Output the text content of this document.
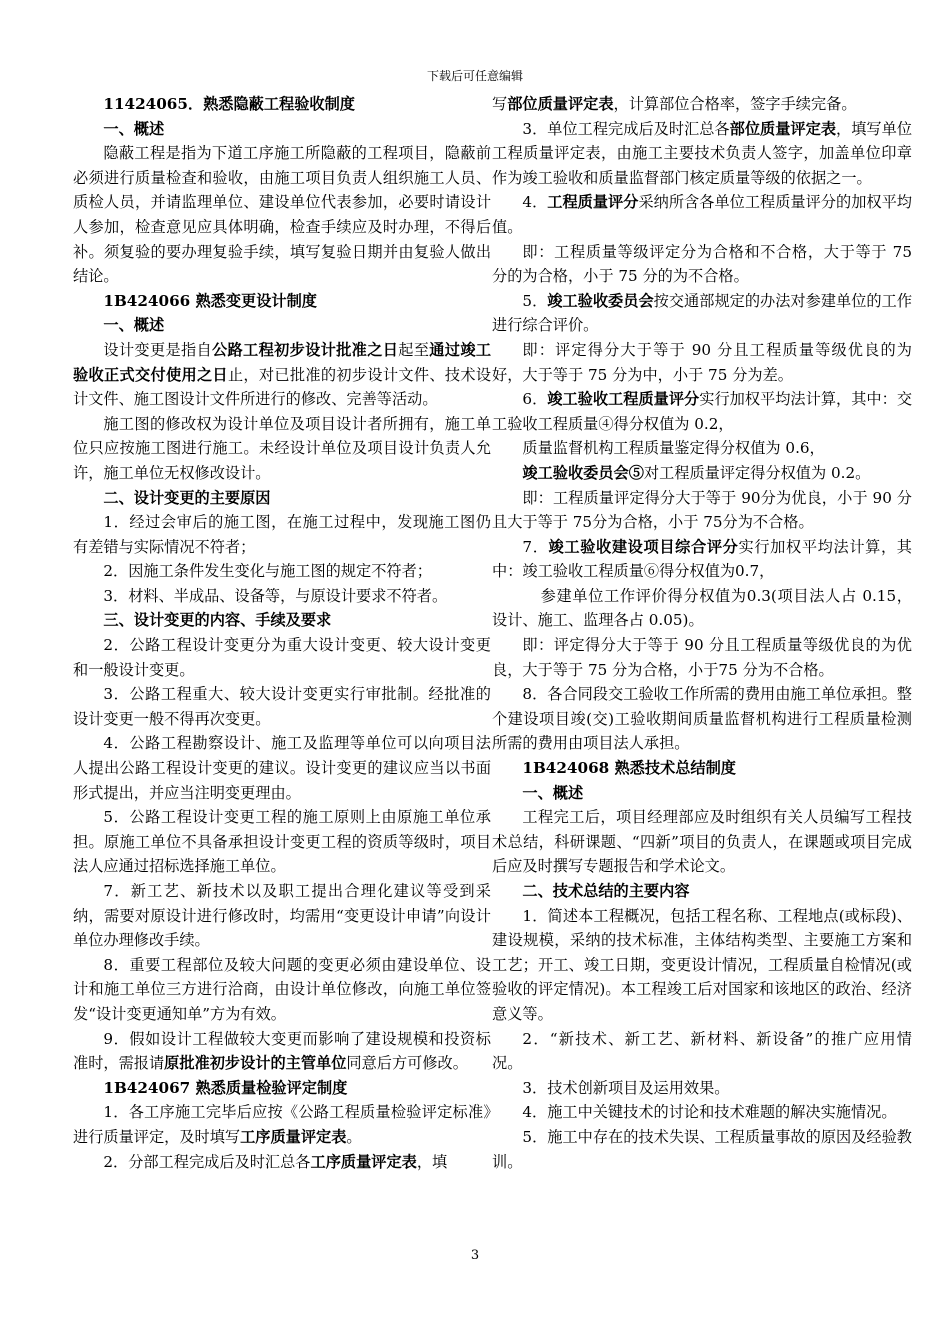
下载后可任意编辑

11424065．熟悉隐蔽工程验收制度

一、概述

隐蔽工程是指为下道工序施工所隐蔽的工程项目，隐蔽前必须进行质量检查和验收，由施工项目负责人组织施工人员、质检人员，并请监理单位、建设单位代表参加，必要时请设计人参加，检查意见应具体明确，检查手续应及时办理，不得后补。须复验的要办理复验手续，填写复验日期并由复验人做出结论。

1B424066 熟悉变更设计制度

一、概述

设计变更是指自公路工程初步设计批准之日起至通过竣工验收正式交付使用之日止，对已批准的初步设计文件、技术设计文件、施工图设计文件所进行的修改、完善等活动。

施工图的修改权为设计单位及项目设计者所拥有，施工单位只应按施工图进行施工。未经设计单位及项目设计负责人允许，施工单位无权修改设计。

二、设计变更的主要原因

1．经过会审后的施工图，在施工过程中，发现施工图仍有差错与实际情况不符者；

2．因施工条件发生变化与施工图的规定不符者；

3．材料、半成品、设备等，与原设计要求不符者。

三、设计变更的内容、手续及要求

2．公路工程设计变更分为重大设计变更、较大设计变更和一般设计变更。

3．公路工程重大、较大设计变更实行审批制。经批准的设计变更一般不得再次变更。

4．公路工程勘察设计、施工及监理等单位可以向项目法人提出公路工程设计变更的建议。设计变更的建议应当以书面形式提出，并应当注明变更理由。

5．公路工程设计变更工程的施工原则上由原施工单位承担。原施工单位不具备承担设计变更工程的资质等级时，项目法人应通过招标选择施工单位。

7．新工艺、新技术以及职工提出合理化建议等受到采纳，需要对原设计进行修改时，均需用“变更设计申请”向设计单位办理修改手续。

8．重要工程部位及较大问题的变更必须由建设单位、设计和施工单位三方进行洽商，由设计单位修改，向施工单位签发“设计变更通知单”方为有效。

9．假如设计工程做较大变更而影响了建设规模和投资标准时，需报请原批准初步设计的主管单位同意后方可修改。

1B424067 熟悉质量检验评定制度

1．各工序施工完毕后应按《公路工程质量检验评定标准》进行质量评定，及时填写工序质量评定表。

2．分部工程完成后及时汇总各工序质量评定表，填

写部位质量评定表，计算部位合格率，签字手续完备。

3．单位工程完成后及时汇总各部位质量评定表，填写单位工程质量评定表，由施工主要技术负责人签字，加盖单位印章作为竣工验收和质量监督部门核定质量等级的依据之一。

4．工程质量评分采纳所含各单位工程质量评分的加权平均值。

即：工程质量等级评定分为合格和不合格，大于等于 75 分的为合格，小于 75 分的为不合格。

5．竣工验收委员会按交通部规定的办法对参建单位的工作进行综合评价。

即：评定得分大于等于 90 分且工程质量等级优良的为好，大于等于 75 分为中，小于 75 分为差。

6．竣工验收工程质量评分实行加权平均法计算，其中：交工验收工程质量④得分权值为 0.2，

质量监督机构工程质量鉴定得分权值为 0.6，

竣工验收委员会⑤对工程质量评定得分权值为 0.2。

即：工程质量评定得分大于等于 90分为优良，小于 90 分且大于等于 75分为合格，小于 75分为不合格。

7．竣工验收建设项目综合评分实行加权平均法计算，其中：竣工验收工程质量⑥得分权值为0.7，

参建单位工作评价得分权值为0.3(项目法人占 0.15，设计、施工、监理各占 0.05)。

即：评定得分大于等于 90 分且工程质量等级优良的为优良，大于等于 75 分为合格，小于75 分为不合格。

8．各合同段交工验收工作所需的费用由施工单位承担。整个建设项目竣(交)工验收期间质量监督机构进行工程质量检测所需的费用由项目法人承担。

1B424068 熟悉技术总结制度

一、概述

工程完工后，项目经理部应及时组织有关人员编写工程技术总结，科研课题、“四新”项目的负责人，在课题或项目完成后应及时撰写专题报告和学术论文。

二、技术总结的主要内容

1．简述本工程概况，包括工程名称、工程地点(或标段)、建设规模，采纳的技术标准，主体结构类型、主要施工方案和工艺；开工、竣工日期，变更设计情况，工程质量自检情况(或验收的评定情况)。本工程竣工后对国家和该地区的政治、经济意义等。

2．“新技术、新工艺、新材料、新设备”的推广应用情况。

3．技术创新项目及运用效果。

4．施工中关键技术的讨论和技术难题的解决实施情况。

5．施工中存在的技术失误、工程质量事故的原因及经验教训。

3
